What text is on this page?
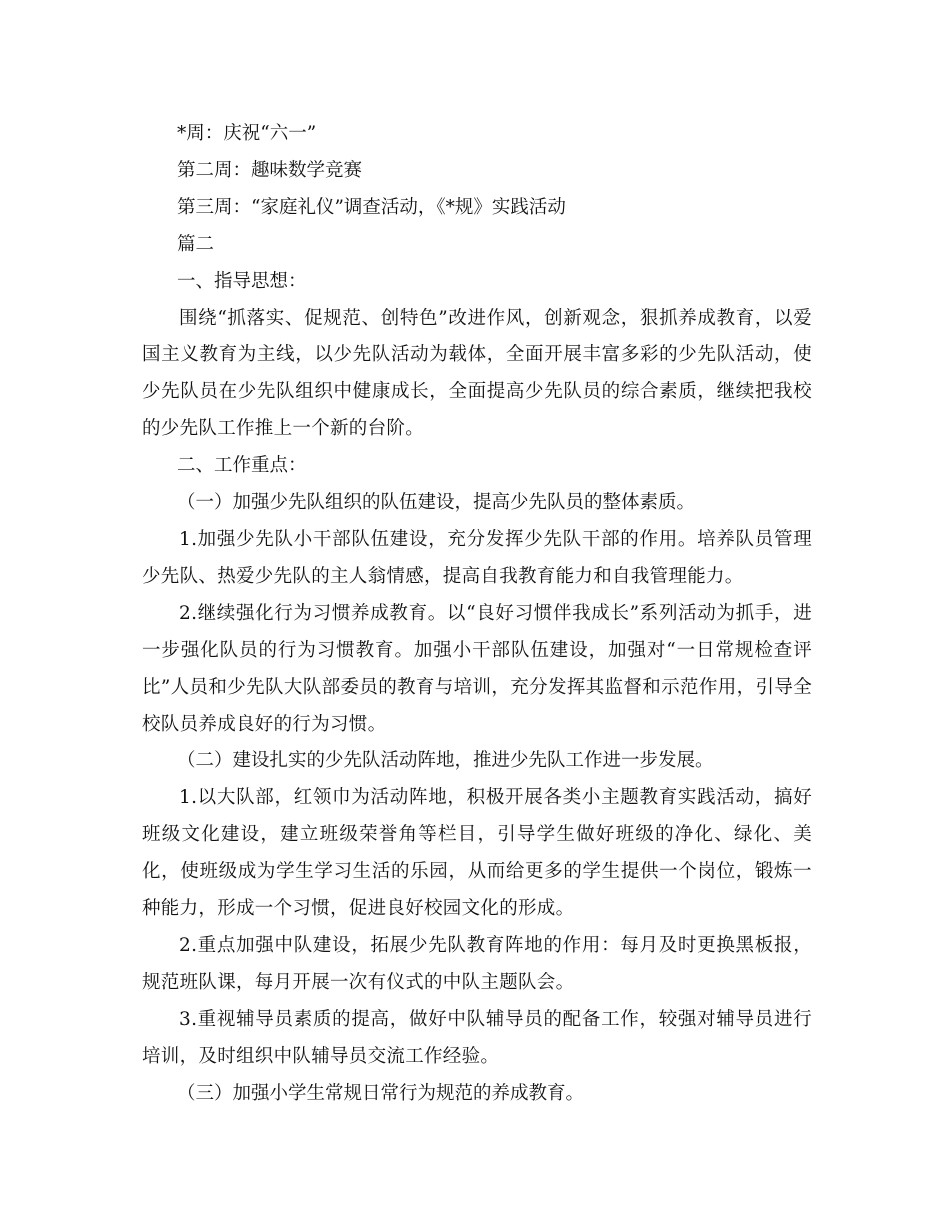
*周：庆祝“六一”

第二周：趣味数学竞赛

第三周：“家庭礼仪”调查活动，《*规》实践活动

篇二

一、指导思想：

围绕“抓落实、促规范、创特色”改进作风，创新观念，狠抓养成教育，以爱国主义教育为主线，以少先队活动为载体，全面开展丰富多彩的少先队活动，使少先队员在少先队组织中健康成长，全面提高少先队员的综合素质，继续把我校的少先队工作推上一个新的台阶。

二、工作重点：

（一）加强少先队组织的队伍建设，提高少先队员的整体素质。

1.加强少先队小干部队伍建设，充分发挥少先队干部的作用。培养队员管理少先队、热爱少先队的主人翁情感，提高自我教育能力和自我管理能力。

2.继续强化行为习惯养成教育。以“良好习惯伴我成长”系列活动为抓手，进一步强化队员的行为习惯教育。加强小干部队伍建设，加强对“一日常规检查评比”人员和少先队大队部委员的教育与培训，充分发挥其监督和示范作用，引导全校队员养成良好的行为习惯。

（二）建设扎实的少先队活动阵地，推进少先队工作进一步发展。

1.以大队部，红领巾为活动阵地，积极开展各类小主题教育实践活动，搞好班级文化建设，建立班级荣誉角等栏目，引导学生做好班级的净化、绿化、美化，使班级成为学生学习生活的乐园，从而给更多的学生提供一个岗位，锻炼一种能力，形成一个习惯，促进良好校园文化的形成。

2.重点加强中队建设，拓展少先队教育阵地的作用：每月及时更换黑板报，规范班队课，每月开展一次有仪式的中队主题队会。

3.重视辅导员素质的提高，做好中队辅导员的配备工作，较强对辅导员进行培训，及时组织中队辅导员交流工作经验。

（三）加强小学生常规日常行为规范的养成教育。
